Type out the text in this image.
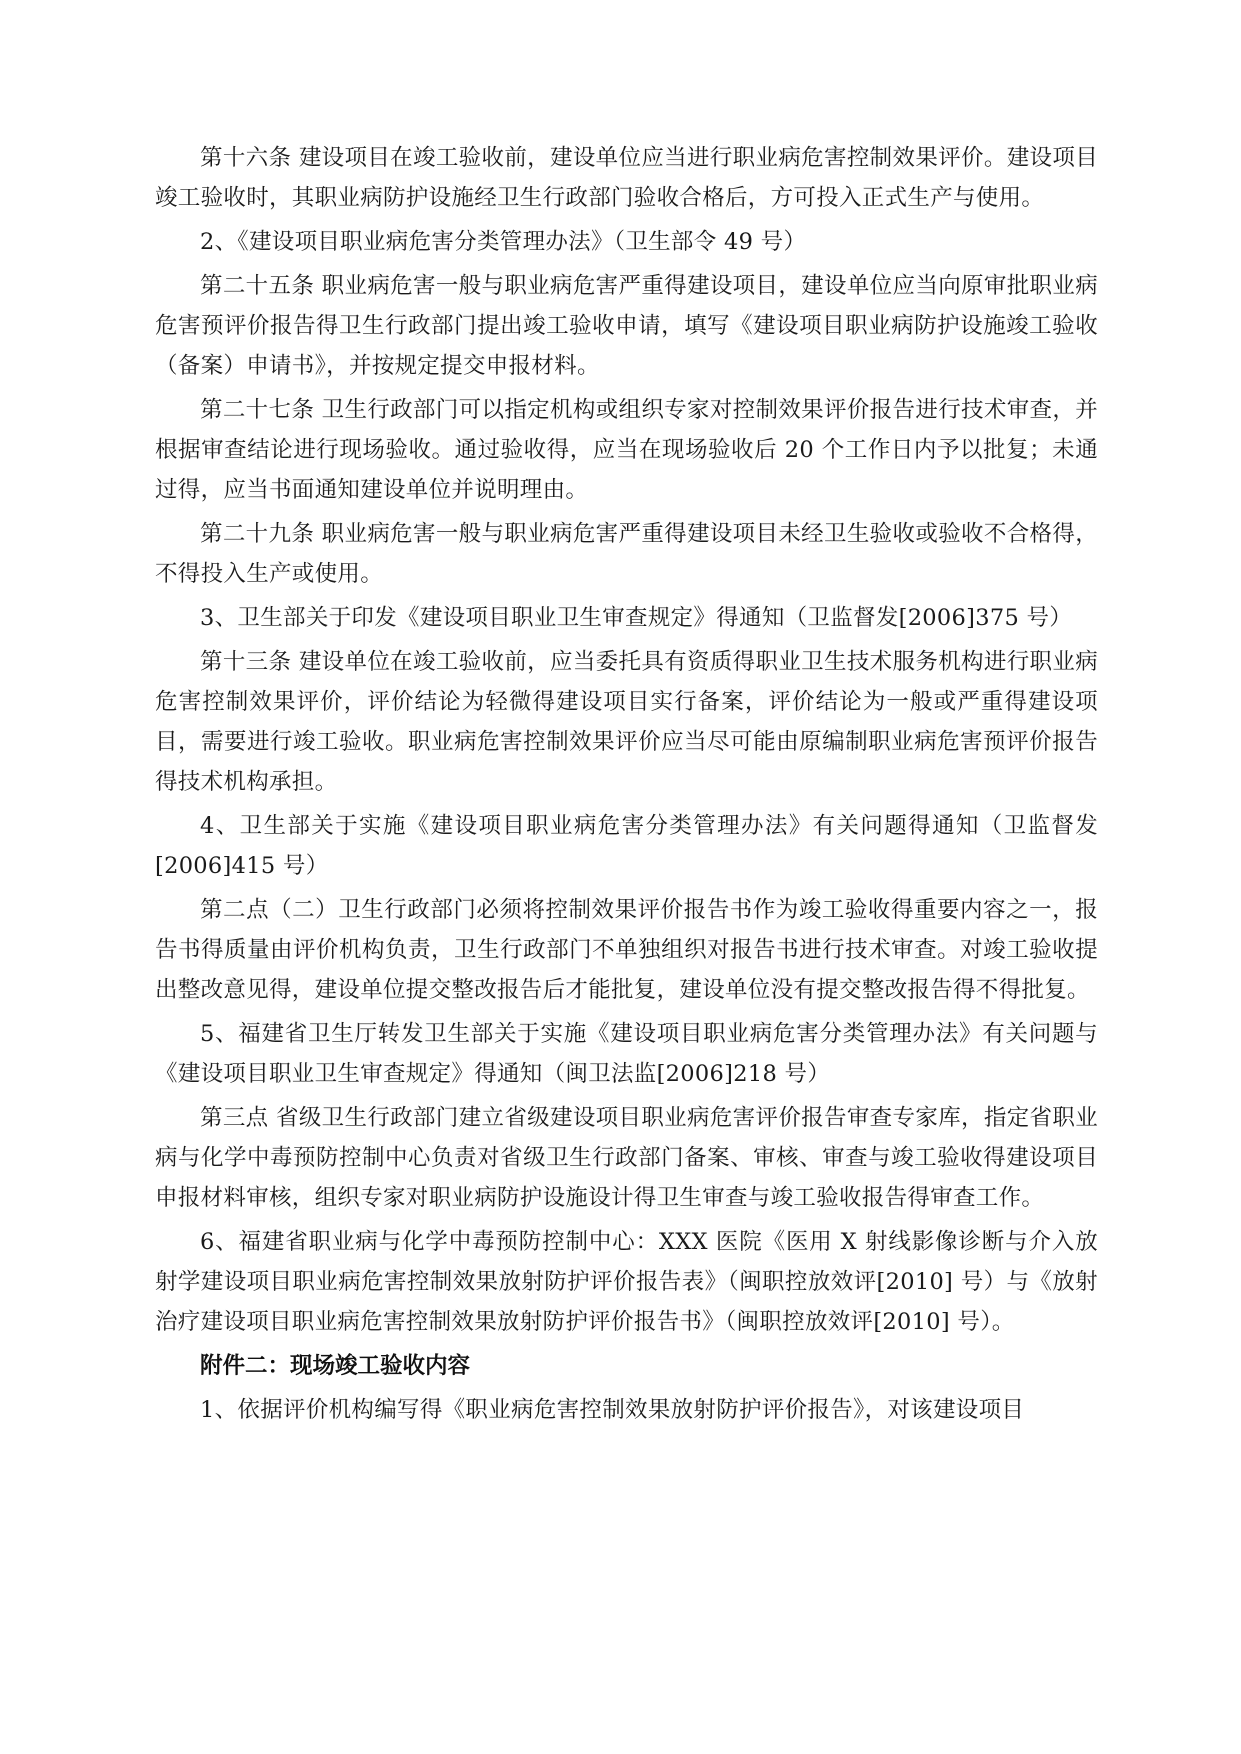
第十六条 建设项目在竣工验收前，建设单位应当进行职业病危害控制效果评价。建设项目竣工验收时，其职业病防护设施经卫生行政部门验收合格后，方可投入正式生产与使用。

2、《建设项目职业病危害分类管理办法》（卫生部令 49 号）

第二十五条 职业病危害一般与职业病危害严重得建设项目，建设单位应当向原审批职业病危害预评价报告得卫生行政部门提出竣工验收申请，填写《建设项目职业病防护设施竣工验收（备案）申请书》，并按规定提交申报材料。

第二十七条 卫生行政部门可以指定机构或组织专家对控制效果评价报告进行技术审查，并根据审查结论进行现场验收。通过验收得，应当在现场验收后 20 个工作日内予以批复；未通过得，应当书面通知建设单位并说明理由。

第二十九条 职业病危害一般与职业病危害严重得建设项目未经卫生验收或验收不合格得，不得投入生产或使用。

3、卫生部关于印发《建设项目职业卫生审查规定》得通知（卫监督发[2006]375 号）

第十三条 建设单位在竣工验收前，应当委托具有资质得职业卫生技术服务机构进行职业病危害控制效果评价，评价结论为轻微得建设项目实行备案，评价结论为一般或严重得建设项目，需要进行竣工验收。职业病危害控制效果评价应当尽可能由原编制职业病危害预评价报告得技术机构承担。

4、卫生部关于实施《建设项目职业病危害分类管理办法》有关问题得通知（卫监督发[2006]415 号）

第二点（二）卫生行政部门必须将控制效果评价报告书作为竣工验收得重要内容之一，报告书得质量由评价机构负责，卫生行政部门不单独组织对报告书进行技术审查。对竣工验收提出整改意见得，建设单位提交整改报告后才能批复，建设单位没有提交整改报告得不得批复。

5、福建省卫生厅转发卫生部关于实施《建设项目职业病危害分类管理办法》有关问题与《建设项目职业卫生审查规定》得通知（闽卫法监[2006]218 号）

第三点 省级卫生行政部门建立省级建设项目职业病危害评价报告审查专家库，指定省职业病与化学中毒预防控制中心负责对省级卫生行政部门备案、审核、审查与竣工验收得建设项目申报材料审核，组织专家对职业病防护设施设计得卫生审查与竣工验收报告得审查工作。

6、福建省职业病与化学中毒预防控制中心：XXX 医院《医用 X 射线影像诊断与介入放射学建设项目职业病危害控制效果放射防护评价报告表》（闽职控放效评[2010] 号）与《放射治疗建设项目职业病危害控制效果放射防护评价报告书》（闽职控放效评[2010] 号）。

附件二：现场竣工验收内容

1、依据评价机构编写得《职业病危害控制效果放射防护评价报告》，对该建设项目
